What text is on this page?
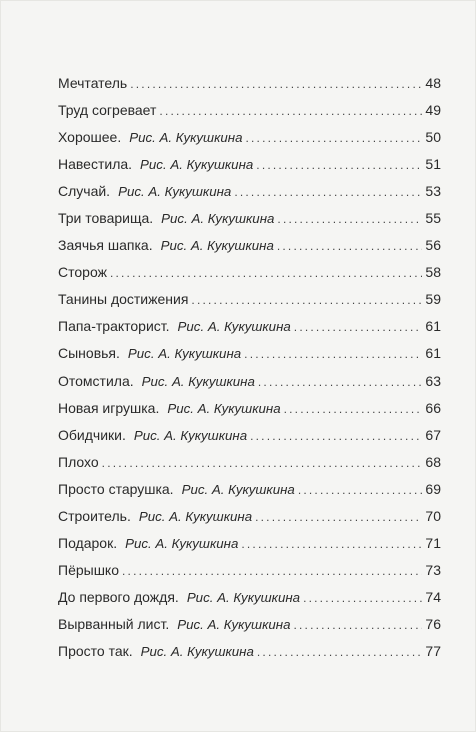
Мечтатель .....	48
Труд согревает .....	49
Хорошее. Рис. А. Кукушкина .....	50
Навестила. Рис. А. Кукушкина .....	51
Случай. Рис. А. Кукушкина .....	53
Три товарища. Рис. А. Кукушкина .....	55
Заячья шапка. Рис. А. Кукушкина .....	56
Сторож .....	58
Танины достижения .....	59
Папа-тракторист. Рис. А. Кукушкина .....	61
Сыновья. Рис. А. Кукушкина .....	61
Отомстила. Рис. А. Кукушкина .....	63
Новая игрушка. Рис. А. Кукушкина .....	66
Обидчики. Рис. А. Кукушкина .....	67
Плохо .....	68
Просто старушка. Рис. А. Кукушкина .....	69
Строитель. Рис. А. Кукушкина .....	70
Подарок. Рис. А. Кукушкина .....	71
Пёрышко .....	73
До первого дождя. Рис. А. Кукушкина .....	74
Вырванный лист. Рис. А. Кукушкина .....	76
Просто так. Рис. А. Кукушкина .....	77
